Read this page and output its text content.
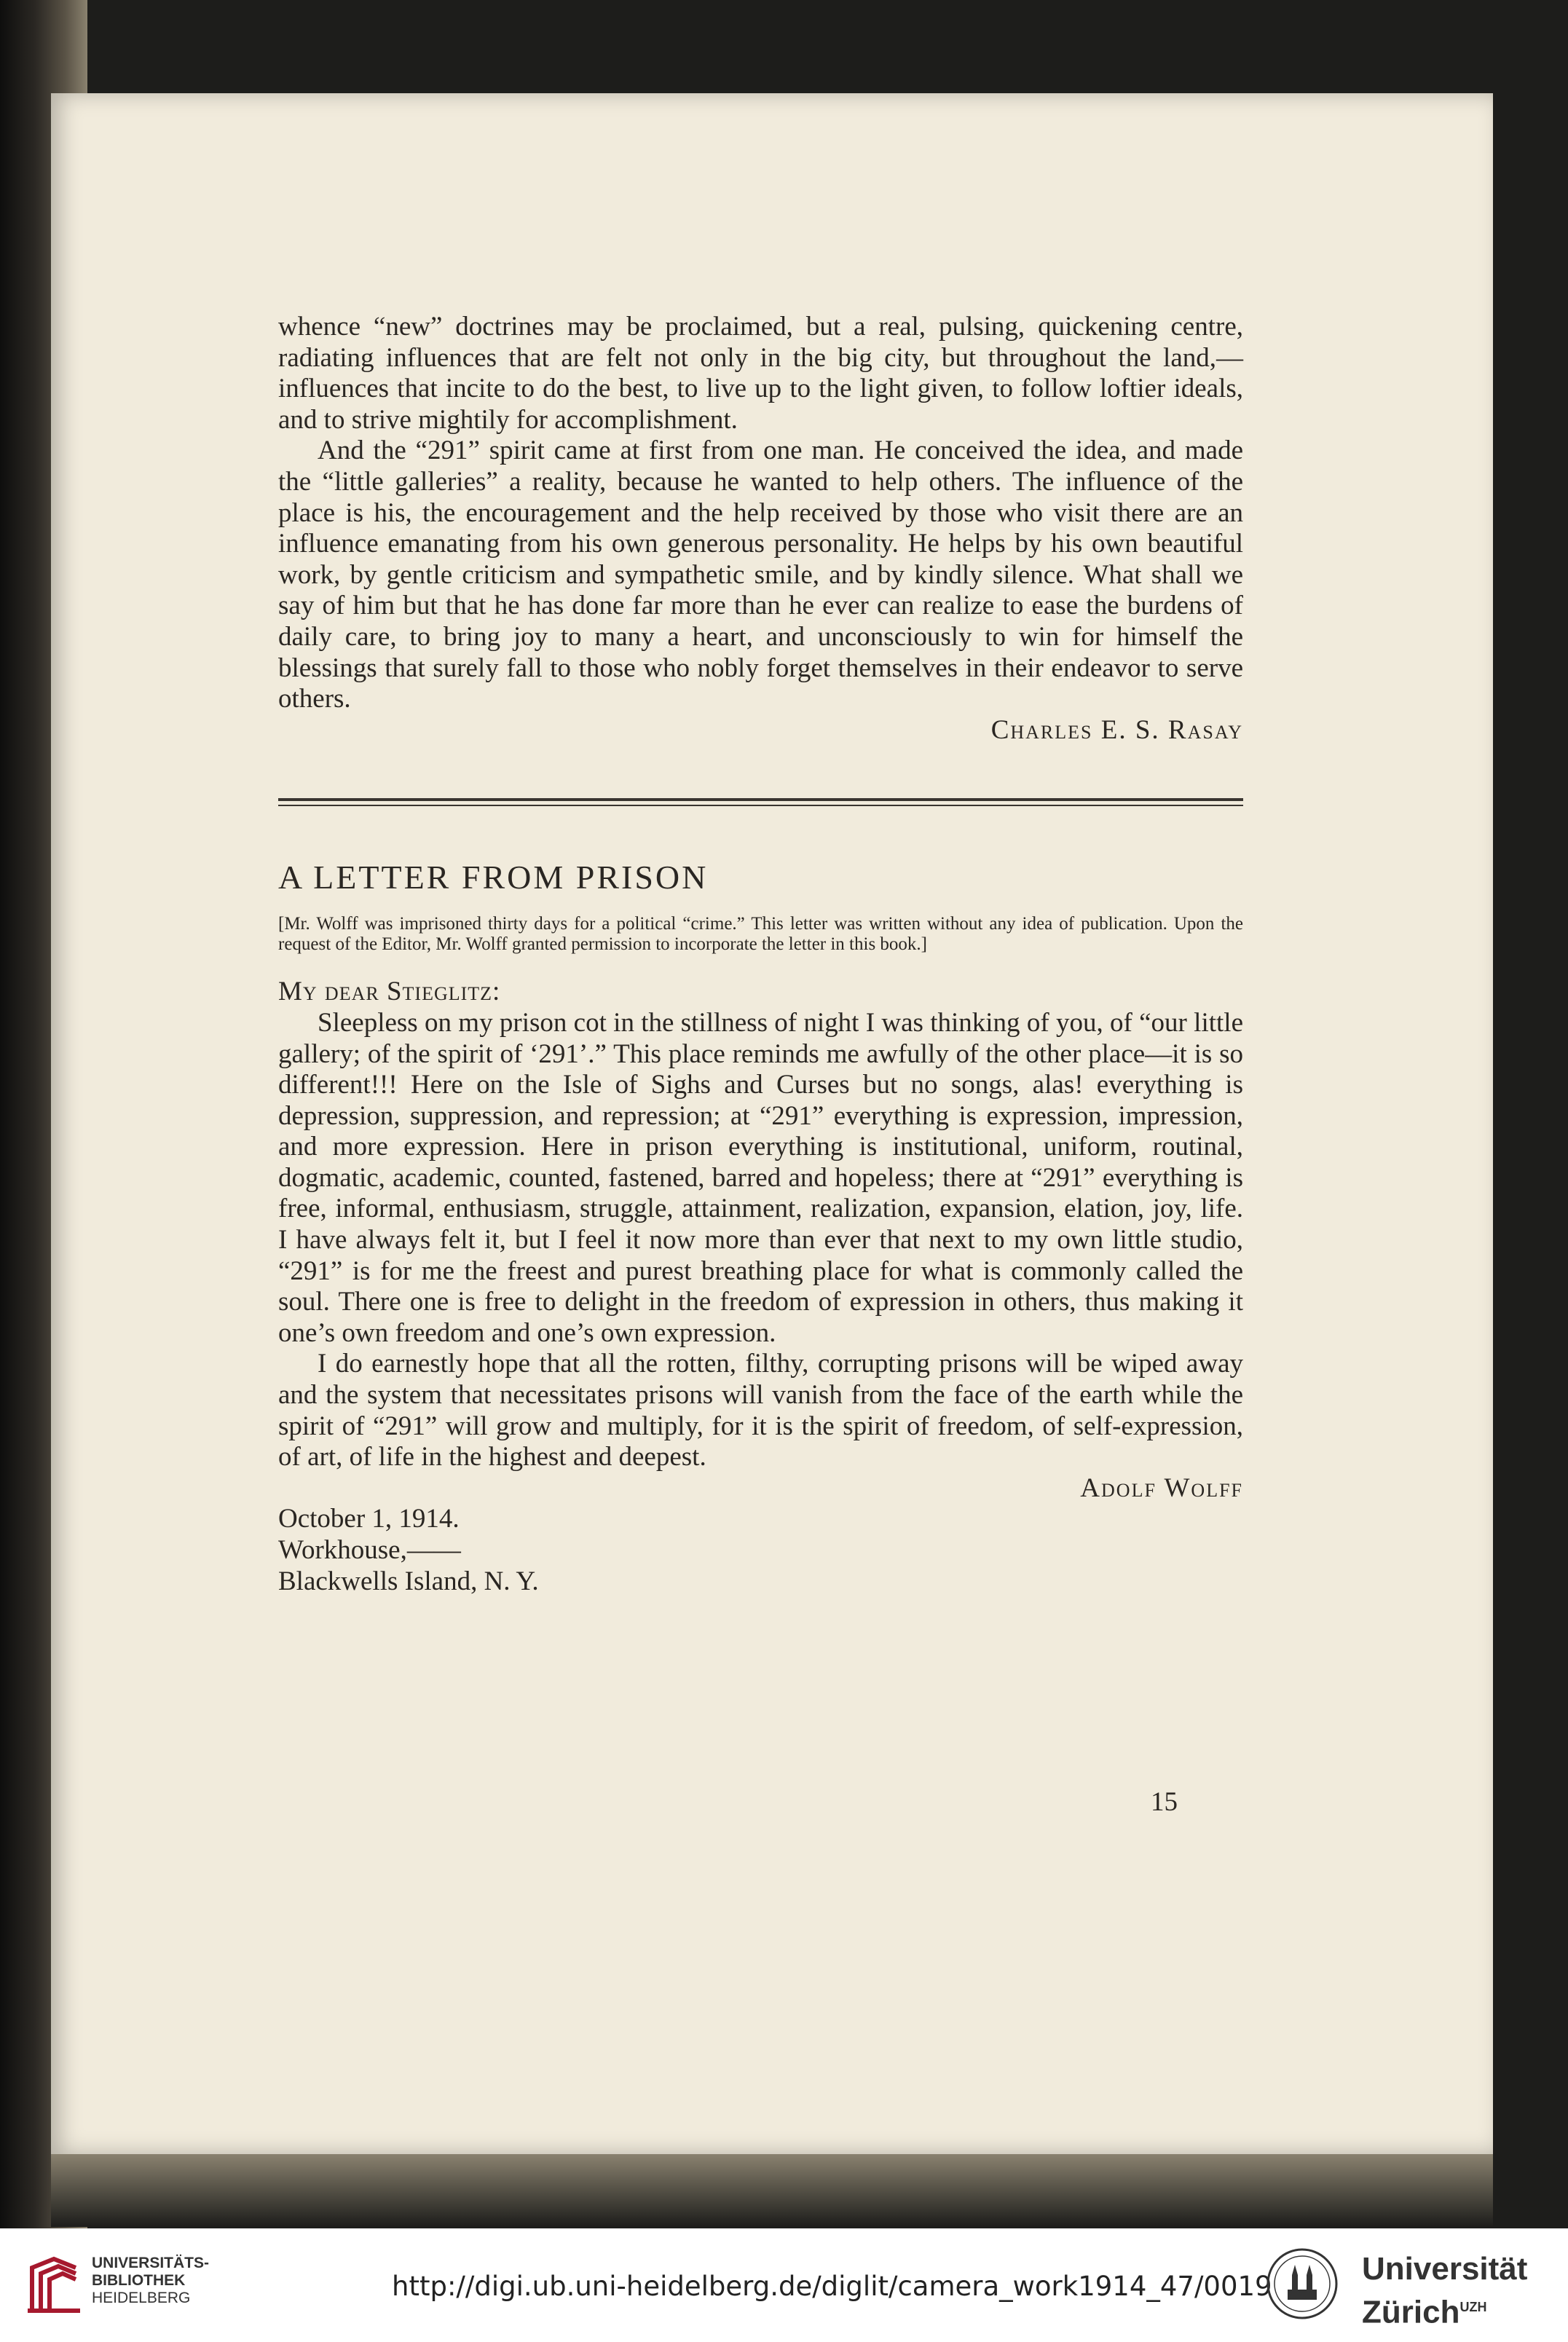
whence “new” doctrines may be proclaimed, but a real, pulsing, quickening centre, radiating influences that are felt not only in the big city, but throughout the land,—influences that incite to do the best, to live up to the light given, to follow loftier ideals, and to strive mightily for accomplishment.

And the “291” spirit came at first from one man. He conceived the idea, and made the “little galleries” a reality, because he wanted to help others. The influence of the place is his, the encouragement and the help received by those who visit there are an influence emanating from his own generous personality. He helps by his own beautiful work, by gentle criticism and sympathetic smile, and by kindly silence. What shall we say of him but that he has done far more than he ever can realize to ease the burdens of daily care, to bring joy to many a heart, and unconsciously to win for himself the blessings that surely fall to those who nobly forget themselves in their endeavor to serve others.

Charles E. S. Rasay
A LETTER FROM PRISON

[Mr. Wolff was imprisoned thirty days for a political “crime.” This letter was written without any idea of publication. Upon the request of the Editor, Mr. Wolff granted permission to incorporate the letter in this book.]

My dear Stieglitz:

Sleepless on my prison cot in the stillness of night I was thinking of you, of “our little gallery; of the spirit of ‘291’.” This place reminds me awfully of the other place—it is so different!!! Here on the Isle of Sighs and Curses but no songs, alas! everything is depression, suppression, and repression; at “291” everything is expression, impression, and more expression. Here in prison everything is institutional, uniform, routinal, dogmatic, academic, counted, fastened, barred and hopeless; there at “291” everything is free, informal, enthusiasm, struggle, attainment, realization, expansion, elation, joy, life. I have always felt it, but I feel it now more than ever that next to my own little studio, “291” is for me the freest and purest breathing place for what is commonly called the soul. There one is free to delight in the freedom of expression in others, thus making it one’s own freedom and one’s own expression.

I do earnestly hope that all the rotten, filthy, corrupting prisons will be wiped away and the system that necessitates prisons will vanish from the face of the earth while the spirit of “291” will grow and multiply, for it is the spirit of freedom, of self-expression, of art, of life in the highest and deepest.

Adolf Wolff

October 1, 1914.

Workhouse,——

Blackwells Island, N. Y.

15
UNIVERSITÄTS-
BIBLIOTHEK
HEIDELBERG	http://digi.ub.uni-heidelberg.de/diglit/camera_work1914_47/0019	Universität
Zürich$^{UZH}$
